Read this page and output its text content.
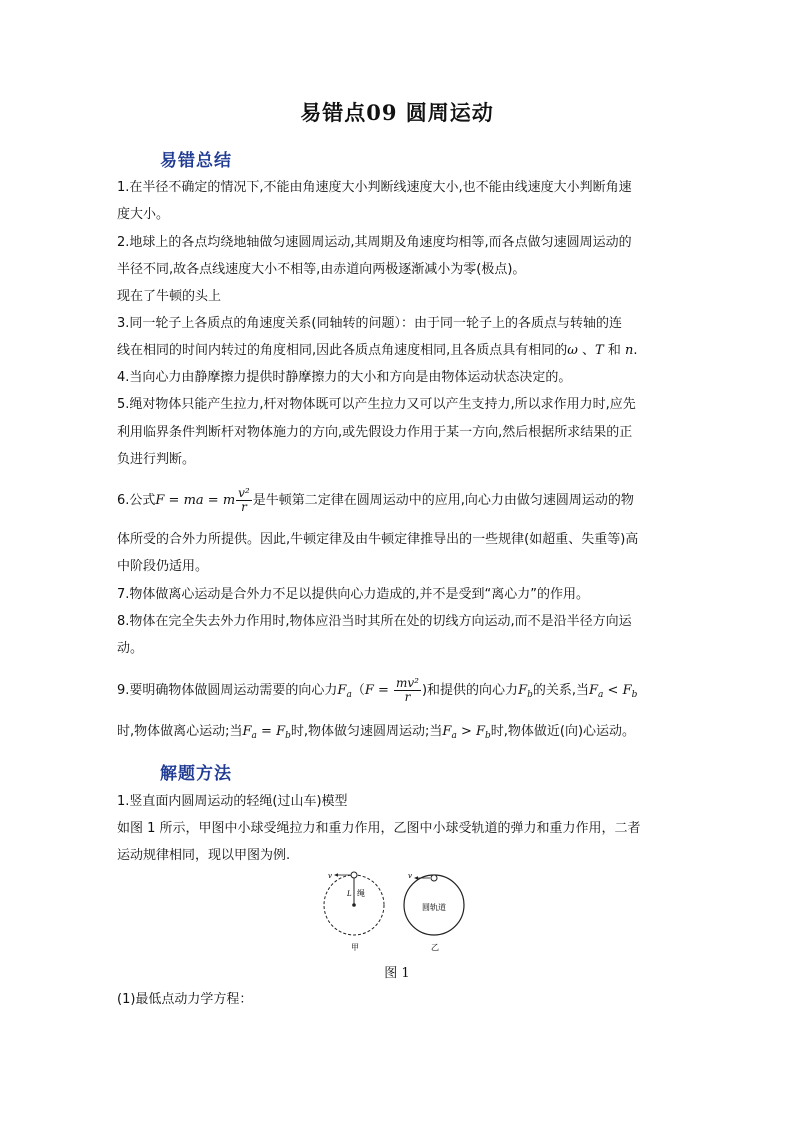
易错点09 圆周运动
易错总结
1.在半径不确定的情况下,不能由角速度大小判断线速度大小,也不能由线速度大小判断角速
度大小。
2.地球上的各点均绕地轴做匀速圆周运动,其周期及角速度均相等,而各点做匀速圆周运动的
半径不同,故各点线速度大小不相等,由赤道向两极逐渐减小为零(极点)。
现在了牛顿的头上
3.同一轮子上各质点的角速度关系(同轴转的问题）：由于同一轮子上的各质点与转轴的连
线在相同的时间内转过的角度相同,因此各质点角速度相同,且各质点具有相同的ω 、T 和 n.
4.当向心力由静摩擦力提供时静摩擦力的大小和方向是由物体运动状态决定的。
5.绳对物体只能产生拉力,杆对物体既可以产生拉力又可以产生支持力,所以求作用力时,应先
利用临界条件判断杆对物体施力的方向,或先假设力作用于某一方向,然后根据所求结果的正
负进行判断。
6.公式F = ma = m $\frac{\text{v²}}{r}$ 是牛顿第二定律在圆周运动中的应用,向心力由做匀速圆周运动的物
体所受的合外力所提供。因此,牛顿定律及由牛顿定律推导出的一些规律(如超重、失重等)高
中阶段仍适用。
7.物体做离心运动是合外力不足以提供向心力造成的,并不是受到“离心力”的作用。
8.物体在完全失去外力作用时,物体应沿当时其所在处的切线方向运动,而不是沿半径方向运
动。
9.要明确物体做圆周运动需要的向心力$F_a(F = \frac{\text{mv²}}{r}$ )和提供的向心力$F_b$的关系,当$F_a < F_b$
时,物体做离心运动;当$F_a = F_b$时,物体做匀速圆周运动;当$F_a > F_b$时,物体做近(向)心运动。
解题方法
1.竖直面内圆周运动的轻绳(过山车)模型
如图 1 所示，甲图中小球受绳拉力和重力作用，乙图中小球受轨道的弹力和重力作用，二者
运动规律相同，现以甲图为例.
v
L 绳
甲
v
圆轨道
乙
图 1
(1)最低点动力学方程：
